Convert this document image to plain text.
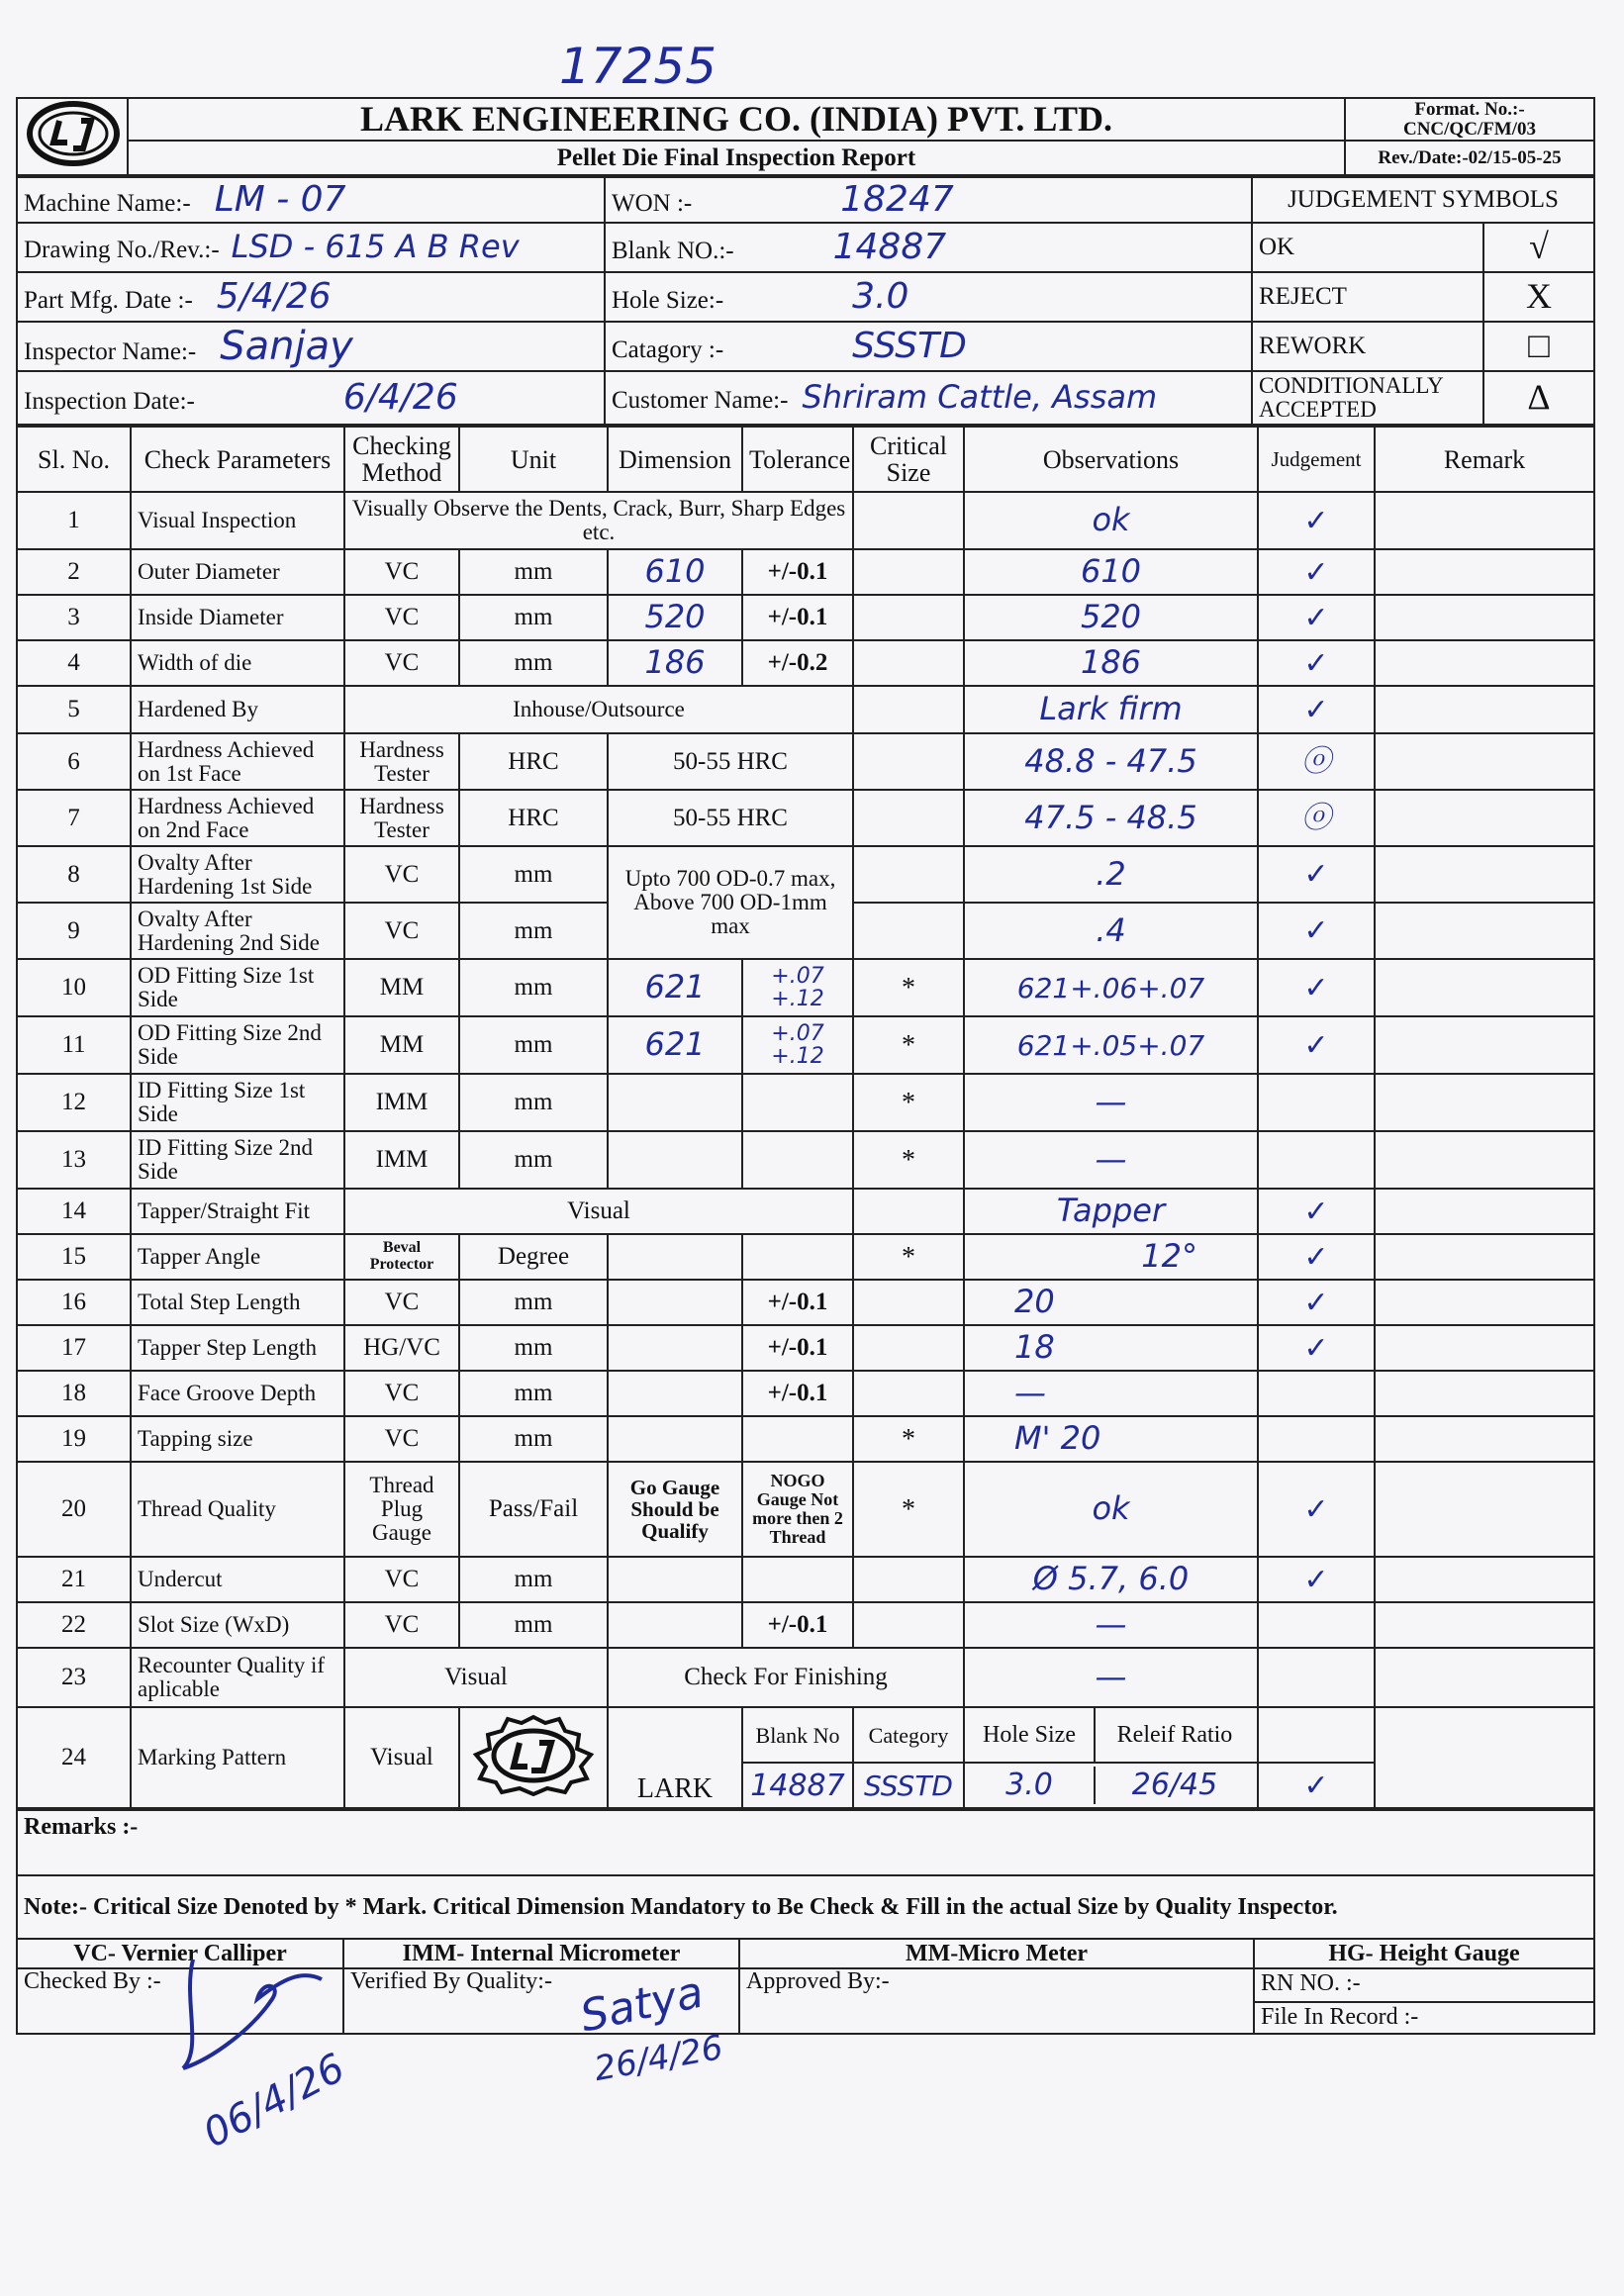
17255
	LARK ENGINEERING CO. (INDIA) PVT. LTD.	Format. No.:-CNC/QC/FM/03
	Pellet Die Final Inspection Report	Rev./Date:-02/15-05-25
Machine Name:- LM - 07	WON :- 18247	JUDGEMENT SYMBOLS	
Drawing No./Rev.:- LSD - 615 A B Rev	Blank NO.:- 14887	OK	√
Part Mfg. Date :- 5/4/26	Hole Size:- 3.0	REJECT	X
Inspector Name:- Sanjay	Catagory :- SSSTD	REWORK	□
Inspection Date:- 6/4/26	Customer Name:- Shriram Cattle, Assam	CONDITIONALLY ACCEPTED	Δ
Sl. No.	Check Parameters	Checking Method	Unit	Dimension	Tolerance	Critical Size	Observations	Judgement	Remark
1	Visual Inspection	Visually Observe the Dents, Crack, Burr, Sharp Edges etc.					ok	✓	
2	Outer Diameter	VC	mm	610	+/-0.1		610	✓	
3	Inside Diameter	VC	mm	520	+/-0.1		520	✓	
4	Width of die	VC	mm	186	+/-0.2		186	✓	
5	Hardened By	Inhouse/Outsource					Lark firm	✓	
6	Hardness Achieved on 1st Face	Hardness Tester	HRC	50-55 HRC			48.8 - 47.5	ⓞ	
7	Hardness Achieved on 2nd Face	Hardness Tester	HRC	50-55 HRC			47.5 - 48.5	ⓞ	
8	Ovalty After Hardening 1st Side	VC	mm	Upto 700 OD-0.7 max, Above 700 OD-1mm max			.2	✓	
9	Ovalty After Hardening 2nd Side	VC	mm				.4	✓	
10	OD Fitting Size 1st Side	MM	mm	621	+.07 +.12	*	621+.06+.07	✓	
11	OD Fitting Size 2nd Side	MM	mm	621	+.07 +.12	*	621+.05+.07	✓	
12	ID Fitting Size 1st Side	IMM	mm			*	—		
13	ID Fitting Size 2nd Side	IMM	mm			*	—		
14	Tapper/Straight Fit	Visual					Tapper	✓	
15	Tapper Angle	Beval Protector	Degree			*	12°	✓	
16	Total Step Length	VC	mm		+/-0.1		20	✓	
17	Tapper Step Length	HG/VC	mm		+/-0.1		18	✓	
18	Face Groove Depth	VC	mm		+/-0.1		—		
19	Tapping size	VC	mm			*	M' 20		
20	Thread Quality	Thread Plug Gauge	Pass/Fail	Go Gauge Should be Qualify	NOGO Gauge Not more then 2 Thread	*	ok	✓	
21	Undercut	VC	mm				Ø 5.7, 6.0	✓	
22	Slot Size (WxD)	VC	mm		+/-0.1		—		
23	Recounter Quality if aplicable	Visual		Check For Finishing			—		
24	Marking Pattern	Visual		LARK	Blank No	Category	Hole Size Releif Ratio		
					14887	SSSTD	3.0 26/45	✓	
Remarks :-			
Note:- Critical Size Denoted by * Mark. Critical Dimension Mandatory to Be Check & Fill in the actual Size by Quality Inspector.			
VC- Vernier Calliper	IMM- Internal Micrometer	MM-Micro Meter	HG- Height Gauge
Checked By :-	Verified By Quality:-	Approved By:-	RN NO. :-
File In Record :-
06/4/26
Satya
26/4/26
